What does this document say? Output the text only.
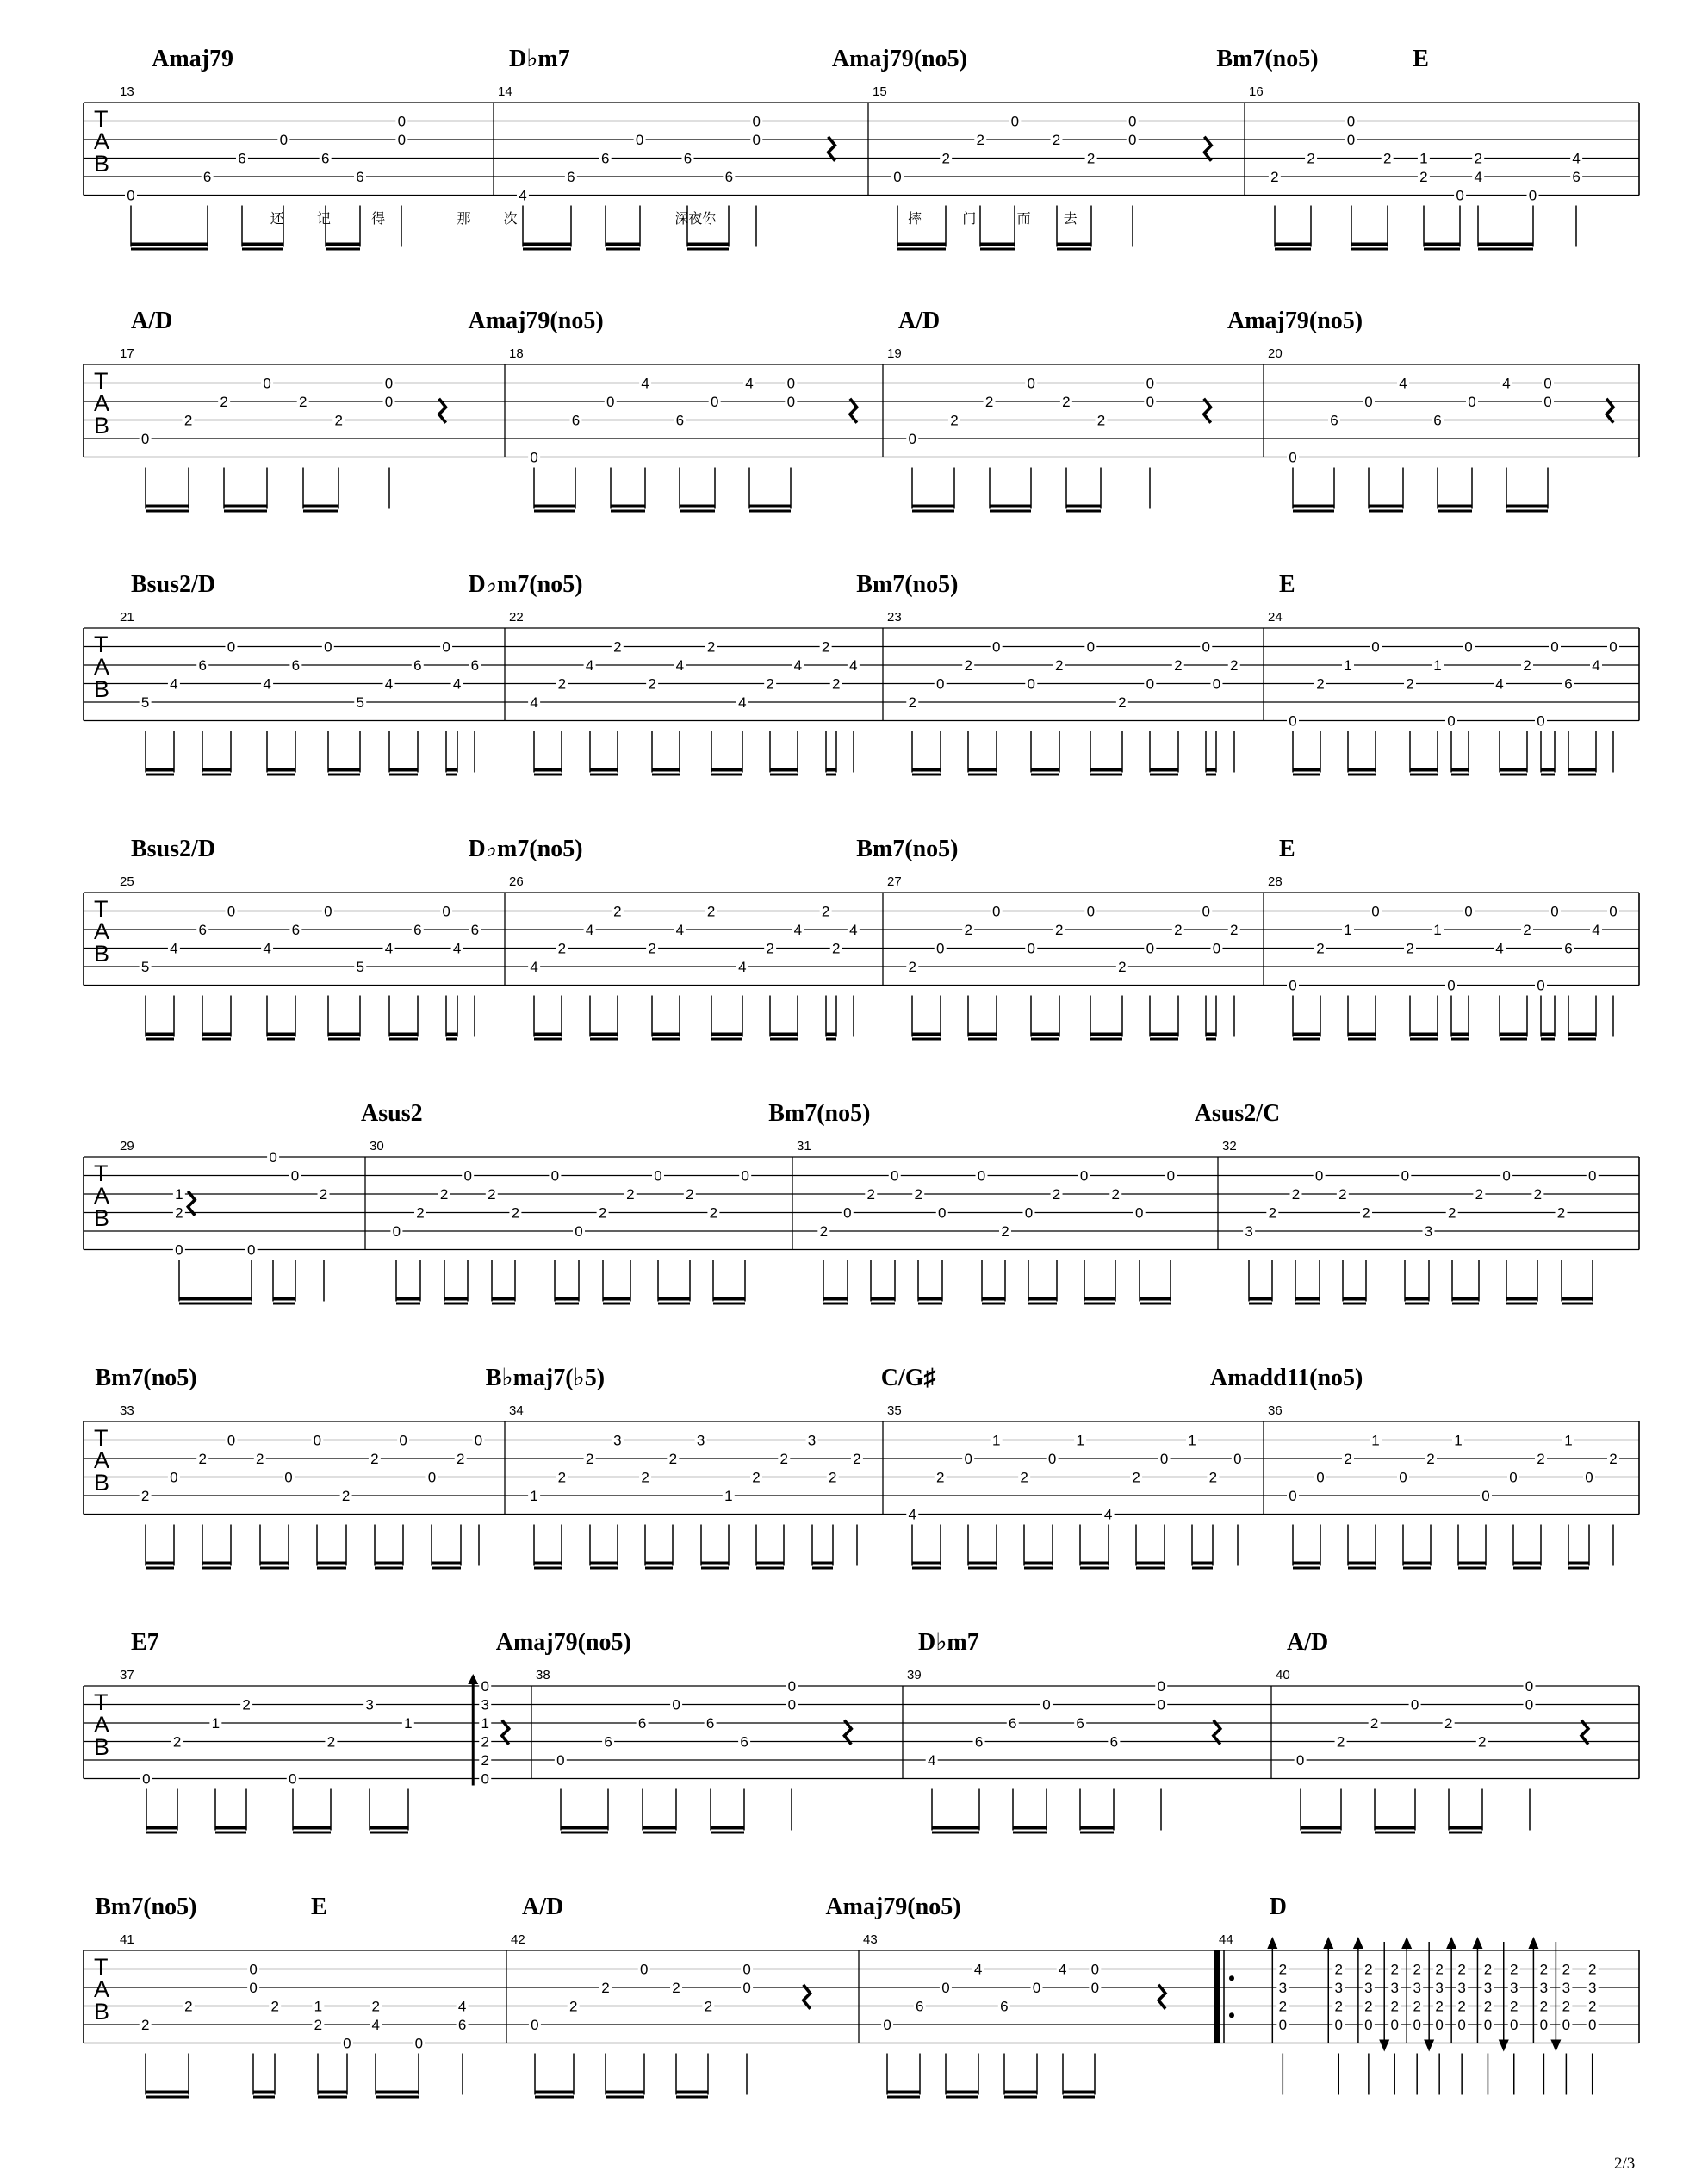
T
A
B
13
Amaj79
0
6
6
0
6
6
0
0
14
D♭m7
4
6
6
0
6
6
0
0
15
Amaj79(no5)
0
2
2
0
2
2
0
0
16
Bm7(no5)	E
2
2
0
0
2 1
2
0
2
4
0
4
6
还 记	得	那 次	深夜你	摔	门	而 去
T
A
B
17
A/D
0
2
2
0
2
2
0
0
18
Amaj79(no5)
0
6
0
4
6
0
4 0
0
19
A/D
0
2
2
0
2
2
0
0
20
Amaj79(no5)
0
6
0
4
6
0
4 0
0
T
A
B
21
Bsus2/D
5
4
6
0
4
6
0
5
4
6
0
4
6
22
D♭m7(no5)
4
2
4
2
2
4
2
4
2
4
2
2
4
23
Bm7(no5)
2
0
2
0
0
2
0
2
0
2
0
0
2
24
E
0
2
1
0
2
1
0
0
4
2
0
0
6
4
0
T
A
B
25
Bsus2/D
5
4
6
0
4
6
0
5
4
6
0
4
6
26
D♭m7(no5)
4
2
4
2
2
4
2
4
2
4
2
2
4
27
Bm7(no5)
2
0
2
0
0
2
0
2
0
2
0
0
2
28
E
0
2
1
0
2
1
0
0
4
2
0
0
6
4
0
T
A
B
29
1
2
0	0
0
0
2
30
Asus2
0
2
2
0
2
2
0
0
2
2
0
2
2
0
31
Bm7(no5)
2
0
2
0
2
0
0
2
0
2
0
2
0
0
32
Asus2/C
3
2
2
0
2
2
0
3
2
2
0
2
2
0
T
A
B
33
Bm7(no5)
2
0
2
0
2
0
0
2
2
0
0
2
0
34
B♭maj7(♭5)
1
2
2
3
2
2
3
1
2
2
3
2
2
35
C/G♯
4
2
0
1
2
0
1
4
2
0
1
2
0
36
Amadd11(no5)
0
0
2
1
0
2
1
0
0
2
1
0
2
T
A
B
37
E7
0
2
1
2
0
2
3
1
0
3
1
2
2
0
38
Amaj79(no5)
0
6
6
0
6
6
0
0
39
D♭m7
4
6
6
0
6
6
0
0
40
A/D
0
2
2
0
2
2
0
0
T
A
B
41
Bm7(no5)	E
2
2
0
0
2 1
2
0
2
4
0
4
6
42
A/D
0
2
2
0
2
2
0
0
43
Amaj79(no5)
0
6
0
4
6
0
4 0
0
44
D
2
3
2
0
2
3
2
0
2
3
2
0
2
3
2
0
2
3
2
0
2
3
2
0
2
3
2
0
2
3
2
0
2
3
2
0
2
3
2
0
2
3
2
0
2
3
2
0
2/3
